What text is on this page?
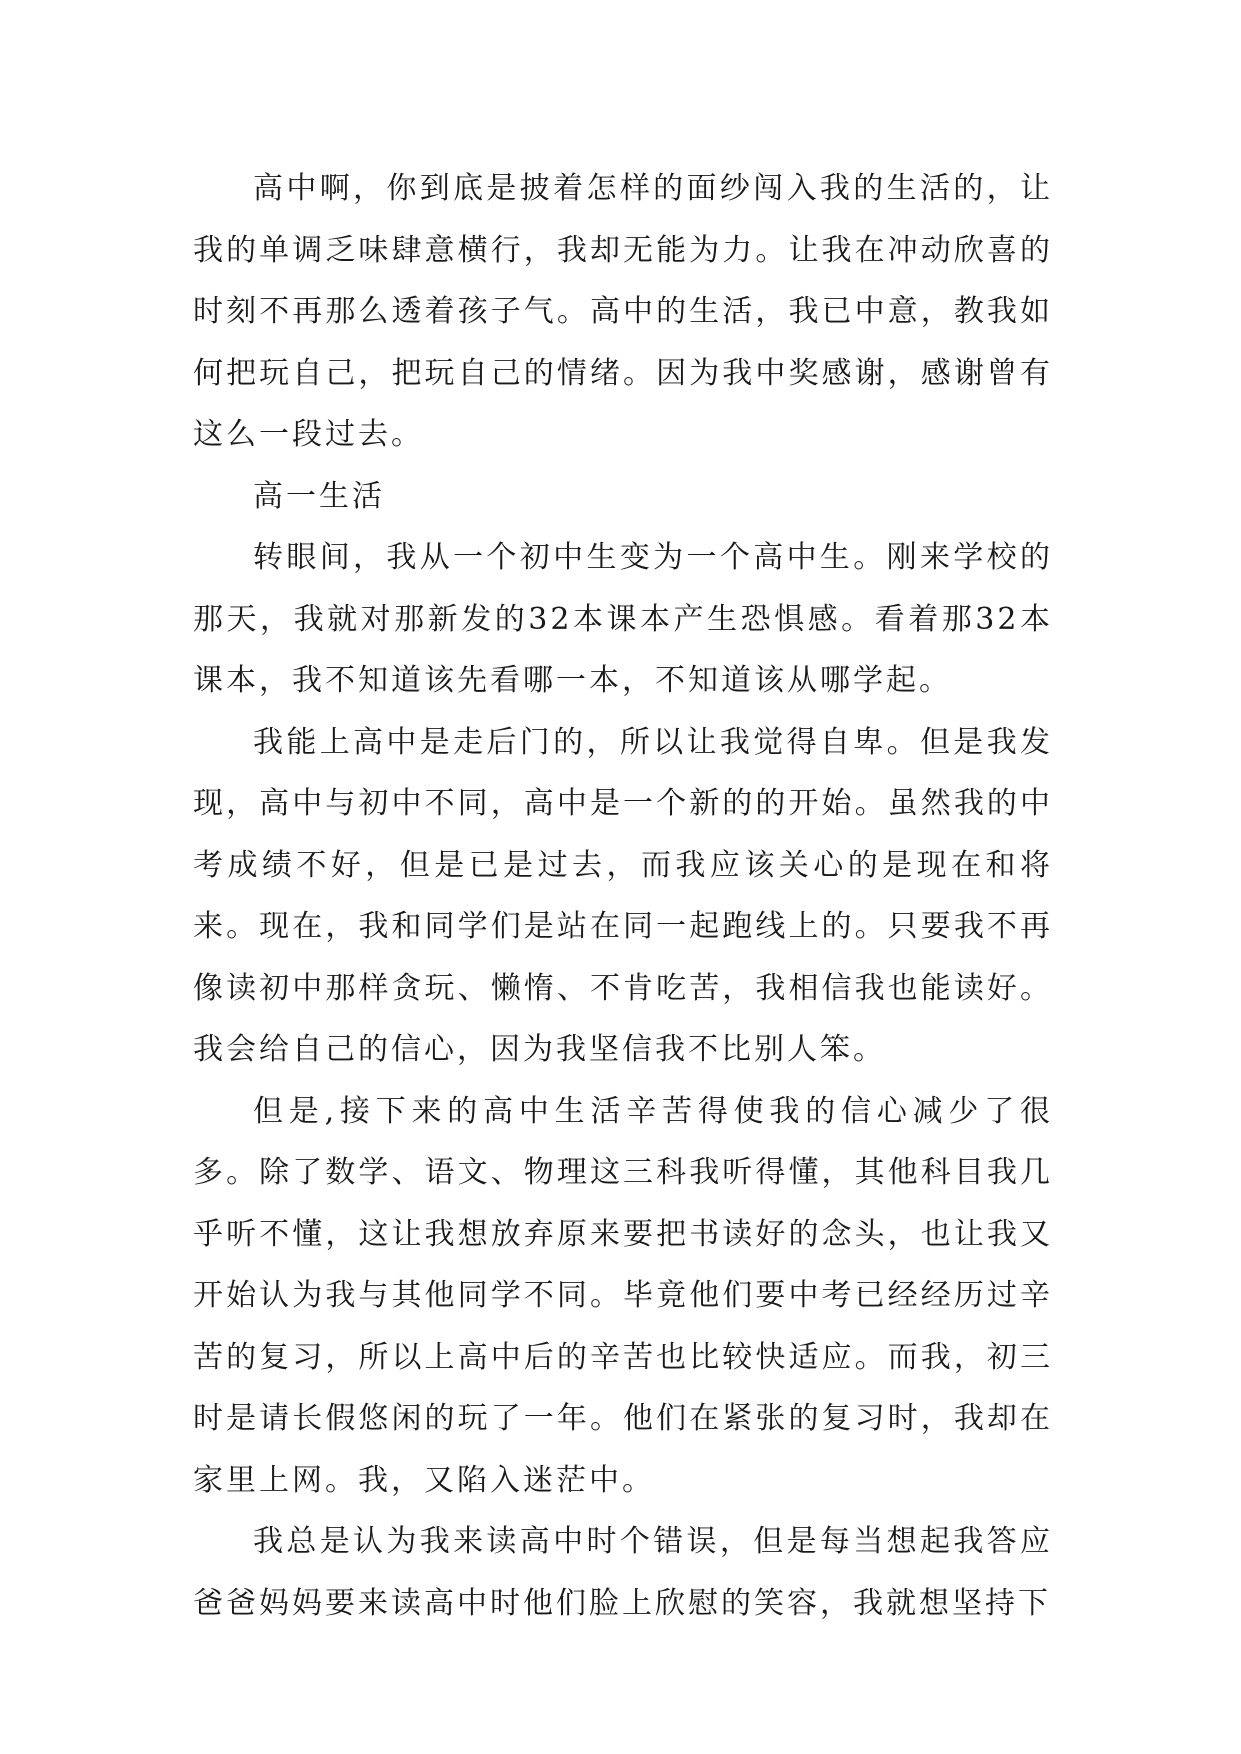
高中啊，你到底是披着怎样的面纱闯入我的生活的，让我的单调乏味肆意横行，我却无能为力。让我在冲动欣喜的时刻不再那么透着孩子气。高中的生活，我已中意，教我如何把玩自己，把玩自己的情绪。因为我中奖感谢，感谢曾有这么一段过去。

高一生活

转眼间，我从一个初中生变为一个高中生。刚来学校的那天，我就对那新发的32本课本产生恐惧感。看着那32本课本，我不知道该先看哪一本，不知道该从哪学起。

我能上高中是走后门的，所以让我觉得自卑。但是我发现，高中与初中不同，高中是一个新的的开始。虽然我的中考成绩不好，但是已是过去，而我应该关心的是现在和将来。现在，我和同学们是站在同一起跑线上的。只要我不再像读初中那样贪玩、懒惰、不肯吃苦，我相信我也能读好。我会给自己的信心，因为我坚信我不比别人笨。

但是,接下来的高中生活辛苦得使我的信心减少了很多。除了数学、语文、物理这三科我听得懂，其他科目我几乎听不懂，这让我想放弃原来要把书读好的念头，也让我又开始认为我与其他同学不同。毕竟他们要中考已经经历过辛苦的复习，所以上高中后的辛苦也比较快适应。而我，初三时是请长假悠闲的玩了一年。他们在紧张的复习时，我却在家里上网。我，又陷入迷茫中。

我总是认为我来读高中时个错误，但是每当想起我答应爸爸妈妈要来读高中时他们脸上欣慰的笑容，我就想坚持下
